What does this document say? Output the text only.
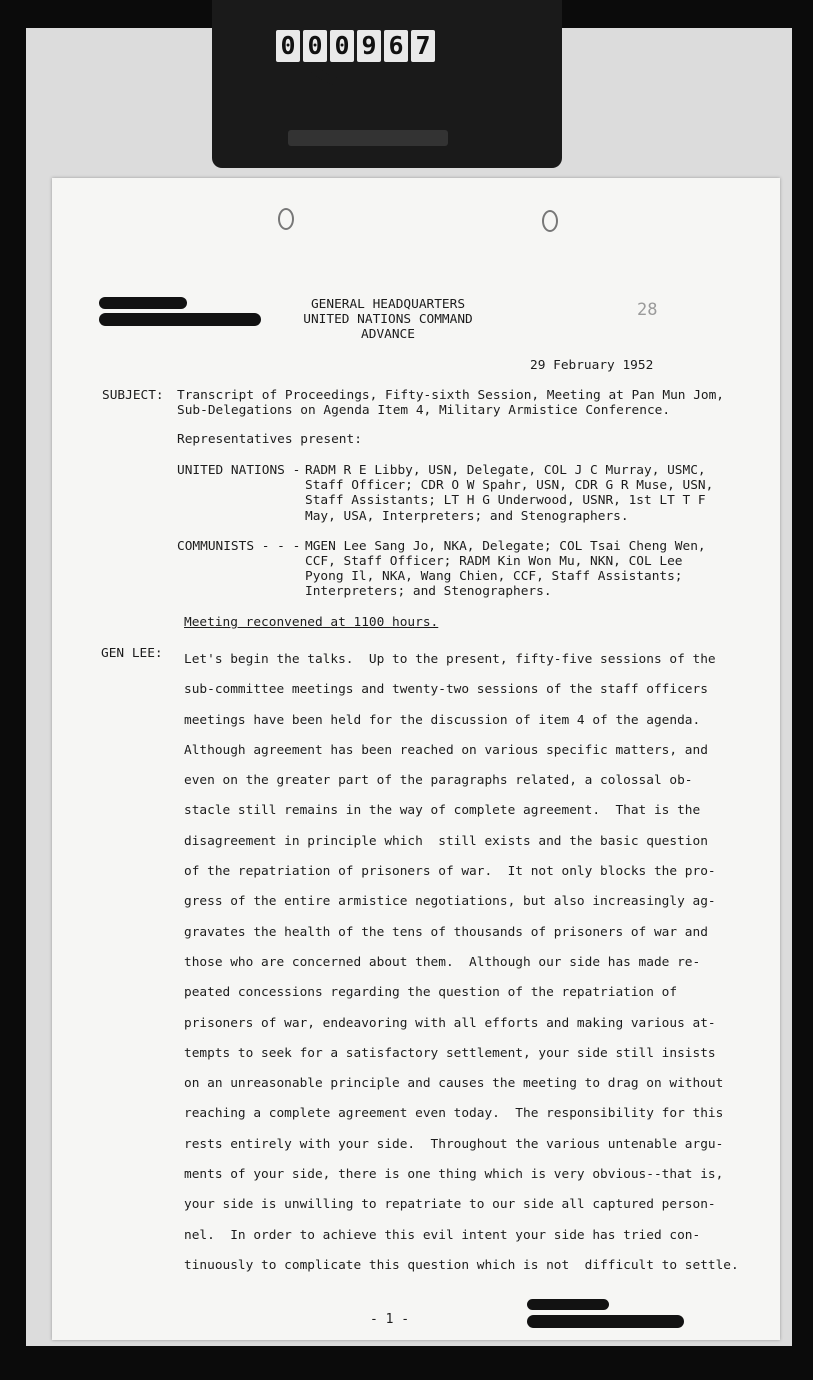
0 0 0 9 6 7
GENERAL HEADQUARTERS
UNITED NATIONS COMMAND
ADVANCE
28
29 February 1952
SUBJECT: Transcript of Proceedings, Fifty-sixth Session, Meeting at Pan Mun Jom,
Sub-Delegations on Agenda Item 4, Military Armistice Conference.
Representatives present:
UNITED NATIONS - RADM R E Libby, USN, Delegate, COL J C Murray, USMC,
Staff Officer; CDR O W Spahr, USN, CDR G R Muse, USN,
Staff Assistants; LT H G Underwood, USNR, 1st LT T F
May, USA, Interpreters; and Stenographers.
COMMUNISTS - - - MGEN Lee Sang Jo, NKA, Delegate; COL Tsai Cheng Wen,
CCF, Staff Officer; RADM Kin Won Mu, NKN, COL Lee
Pyong Il, NKA, Wang Chien, CCF, Staff Assistants;
Interpreters; and Stenographers.
Meeting reconvened at 1100 hours.
GEN LEE: Let's begin the talks.  Up to the present, fifty-five sessions of the
sub-committee meetings and twenty-two sessions of the staff officers
meetings have been held for the discussion of item 4 of the agenda.
Although agreement has been reached on various specific matters, and
even on the greater part of the paragraphs related, a colossal ob-
stacle still remains in the way of complete agreement.  That is the
disagreement in principle which  still exists and the basic question
of the repatriation of prisoners of war.  It not only blocks the pro-
gress of the entire armistice negotiations, but also increasingly ag-
gravates the health of the tens of thousands of prisoners of war and
those who are concerned about them.  Although our side has made re-
peated concessions regarding the question of the repatriation of
prisoners of war, endeavoring with all efforts and making various at-
tempts to seek for a satisfactory settlement, your side still insists
on an unreasonable principle and causes the meeting to drag on without
reaching a complete agreement even today.  The responsibility for this
rests entirely with your side.  Throughout the various untenable argu-
ments of your side, there is one thing which is very obvious--that is,
your side is unwilling to repatriate to our side all captured person-
nel.  In order to achieve this evil intent your side has tried con-
tinuously to complicate this question which is not  difficult to settle.
- 1 -
